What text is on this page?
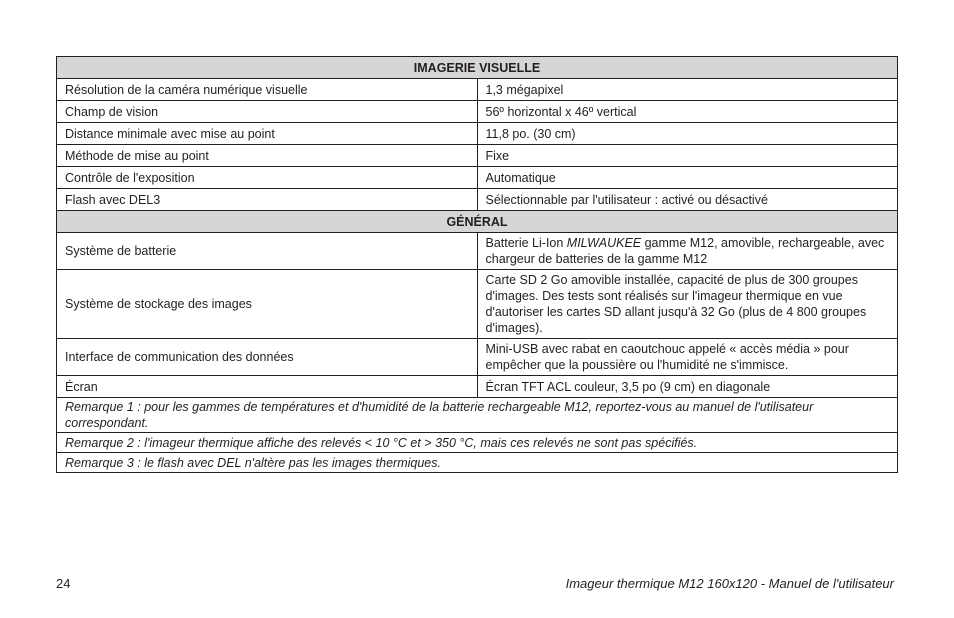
IMAGERIE VISUELLE	
Résolution de la caméra numérique visuelle	1,3 mégapixel
Champ de vision	56º horizontal x 46º vertical
Distance minimale avec mise au point	11,8 po. (30 cm)
Méthode de mise au point	Fixe
Contrôle de l'exposition	Automatique
Flash avec DEL3	Sélectionnable par l'utilisateur : activé ou désactivé
GÉNÉRAL	
Système de batterie	Batterie Li-Ion MILWAUKEE gamme M12, amovible, rechargeable, avec chargeur de batteries de la gamme M12
Système de stockage des images	Carte SD 2 Go amovible installée, capacité de plus de 300 groupes d'images. Des tests sont réalisés sur l'imageur thermique en vue d'autoriser les cartes SD allant jusqu'à 32 Go (plus de 4 800 groupes d'images).
Interface de communication des données	Mini-USB avec rabat en caoutchouc appelé « accès média » pour empêcher que la poussière ou l'humidité ne s'immisce.
Écran	Écran TFT ACL couleur, 3,5 po (9 cm) en diagonale
Remarque 1 : pour les gammes de températures et d'humidité de la batterie rechargeable M12, reportez-vous au manuel de l'utilisateur correspondant.	
Remarque 2 : l'imageur thermique affiche des relevés < 10 °C et > 350 °C, mais ces relevés ne sont pas spécifiés.	
Remarque 3 : le flash avec DEL n'altère pas les images thermiques.	
24	Imageur thermique M12 160x120 - Manuel de l'utilisateur
